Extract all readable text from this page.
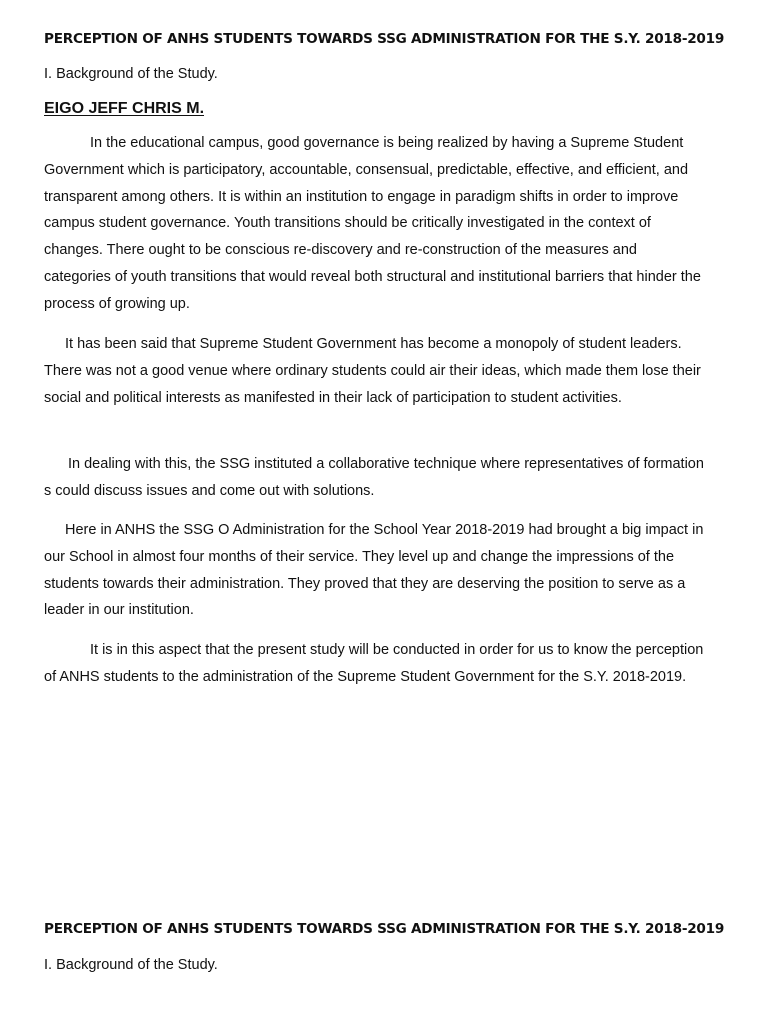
PERCEPTION OF ANHS STUDENTS TOWARDS SSG ADMINISTRATION FOR THE S.Y. 2018-2019

I. Background of the Study.

EIGO JEFF CHRIS M.

In the educational campus, good governance is being realized by having a Supreme Student Government which is participatory, accountable, consensual, predictable, effective, and efficient, and transparent among others. It is within an institution to engage in paradigm shifts in order to improve campus student governance. Youth transitions should be critically investigated in the context of changes. There ought to be conscious re-discovery and re-construction of the measures and categories of youth transitions that would reveal both structural and institutional barriers that hinder the process of growing up.

It has been said that Supreme Student Government has become a monopoly of student leaders. There was not a good venue where ordinary students could air their ideas, which made them lose their social and political interests as manifested in their lack of participation to student activities.

In dealing with this, the SSG instituted a collaborative technique where representatives of formation s could discuss issues and come out with solutions.

Here in ANHS the SSG O Administration for the School Year 2018-2019 had brought a big impact in our School in almost four months of their service. They level up and change the impressions of the students towards their administration. They proved that they are deserving the position to serve as a leader in our institution.

It is in this aspect that the present study will be conducted in order for us to know the perception of ANHS students to the administration of the Supreme Student Government for the S.Y. 2018-2019.

PERCEPTION OF ANHS STUDENTS TOWARDS SSG ADMINISTRATION FOR THE S.Y. 2018-2019

I. Background of the Study.
